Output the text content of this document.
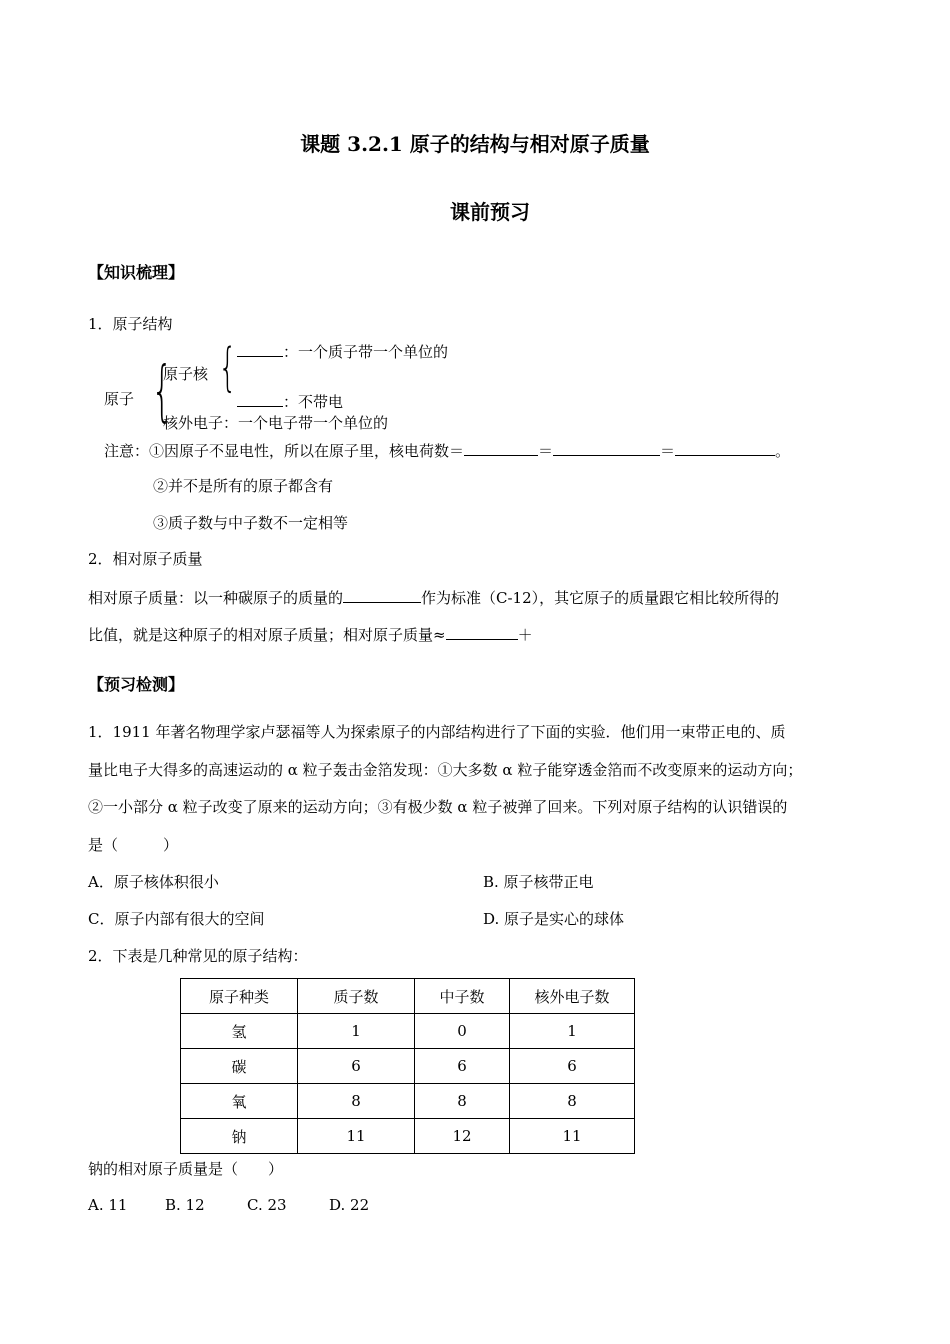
课题 3.2.1 原子的结构与相对原子质量
课前预习
【知识梳理】
1．原子结构
：一个质子带一个单位的
原子核 {
：不带电
原子 {
核外电子：一个电子带一个单位的
注意：①因原子不显电性，所以在原子里，核电荷数＝	＝	＝	。
②并不是所有的原子都含有
③质子数与中子数不一定相等
2．相对原子质量
相对原子质量：以一种碳原子的质量的	作为标准（C-12），其它原子的质量跟它相比较所得的
比值，就是这种原子的相对原子质量；相对原子质量≈	＋
【预习检测】
1．1911 年著名物理学家卢瑟福等人为探索原子的内部结构进行了下面的实验．他们用一束带正电的、质
量比电子大得多的高速运动的 α 粒子轰击金箔发现：①大多数 α 粒子能穿透金箔而不改变原来的运动方向；
②一小部分 α 粒子改变了原来的运动方向；③有极少数 α 粒子被弹了回来。下列对原子结构的认识错误的
是（　　　）
A．原子核体积很小	B. 原子核带正电
C．原子内部有很大的空间	D. 原子是实心的球体
2．下表是几种常见的原子结构：
原子种类	质子数	中子数	核外电子数
氢	1	0	1
碳	6	6	6
氧	8	8	8
钠	11	12	11
钠的相对原子质量是（　　）
A. 11	B. 12	C. 23	D. 22
